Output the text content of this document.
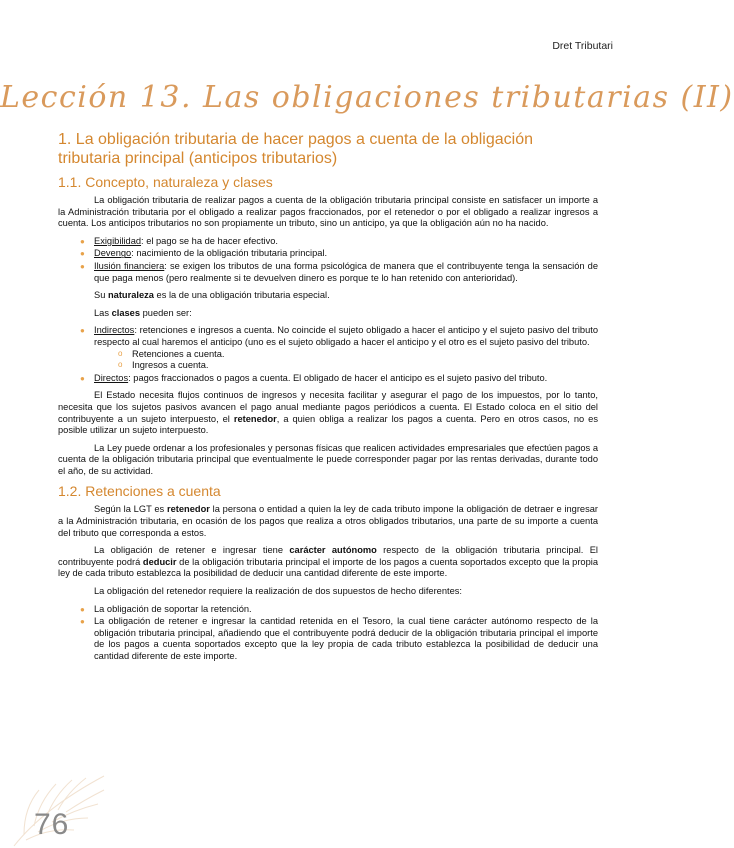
Dret Tributari
Lección 13. Las obligaciones tributarias (II)
1. La obligación tributaria de hacer pagos a cuenta de la obligación tributaria principal (anticipos tributarios)
1.1. Concepto, naturaleza y clases

La obligación tributaria de realizar pagos a cuenta de la obligación tributaria principal consiste en satisfacer un importe a la Administración tributaria por el obligado a realizar pagos fraccionados, por el retenedor o por el obligado a realizar ingresos a cuenta. Los anticipos tributarios no son propiamente un tributo, sino un anticipo, ya que la obligación aún no ha nacido.

● Exigibilidad: el pago se ha de hacer efectivo.
● Devengo: nacimiento de la obligación tributaria principal.
● Ilusión financiera: se exigen los tributos de una forma psicológica de manera que el contribuyente tenga la sensación de que paga menos (pero realmente si te devuelven dinero es porque te lo han retenido con anterioridad).

Su naturaleza es la de una obligación tributaria especial.

Las clases pueden ser:

● Indirectos: retenciones e ingresos a cuenta. No coincide el sujeto obligado a hacer el anticipo y el sujeto pasivo del tributo respecto al cual haremos el anticipo (uno es el sujeto obligado a hacer el anticipo y el otro es el sujeto pasivo del tributo.
o Retenciones a cuenta.
o Ingresos a cuenta.
● Directos: pagos fraccionados o pagos a cuenta. El obligado de hacer el anticipo es el sujeto pasivo del tributo.

El Estado necesita flujos continuos de ingresos y necesita facilitar y asegurar el pago de los impuestos, por lo tanto, necesita que los sujetos pasivos avancen el pago anual mediante pagos periódicos a cuenta. El Estado coloca en el sitio del contribuyente a un sujeto interpuesto, el retenedor, a quien obliga a realizar los pagos a cuenta. Pero en otros casos, no es posible utilizar un sujeto interpuesto.

La Ley puede ordenar a los profesionales y personas físicas que realicen actividades empresariales que efectúen pagos a cuenta de la obligación tributaria principal que eventualmente le puede corresponder pagar por las rentas derivadas, durante todo el año, de su actividad.

1.2. Retenciones a cuenta

Según la LGT es retenedor la persona o entidad a quien la ley de cada tributo impone la obligación de detraer e ingresar a la Administración tributaria, en ocasión de los pagos que realiza a otros obligados tributarios, una parte de su importe a cuenta del tributo que corresponda a estos.

La obligación de retener e ingresar tiene carácter autónomo respecto de la obligación tributaria principal. El contribuyente podrá deducir de la obligación tributaria principal el importe de los pagos a cuenta soportados excepto que la propia ley de cada tributo establezca la posibilidad de deducir una cantidad diferente de este importe.

La obligación del retenedor requiere la realización de dos supuestos de hecho diferentes:

● La obligación de soportar la retención.
● La obligación de retener e ingresar la cantidad retenida en el Tesoro, la cual tiene carácter autónomo respecto de la obligación tributaria principal, añadiendo que el contribuyente podrá deducir de la obligación tributaria principal el importe de los pagos a cuenta soportados excepto que la ley propia de cada tributo establezca la posibilidad de deducir una cantidad diferente de este importe.
76
